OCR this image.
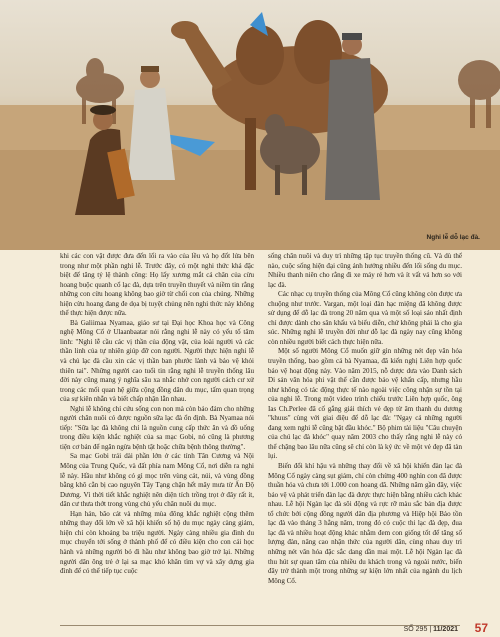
Nghi lễ dỗ lạc đà.

khi các con vật được đưa đến lối ra vào của lều và họ đốt lửa bên trong như một phần nghi lễ. Trước đây, có một nghi thức khá đặc biệt để tăng tỷ lệ thành công: Họ lấy xương mắt cá chân của cừu hoang buộc quanh cổ lạc đà, dựa trên truyền thuyết và niềm tin rằng những con cừu hoang không bao giờ từ chối con của chúng. Những hiện cừu hoang đang đe dọa bị tuyệt chủng nên nghi thức này không thể thực hiện được nữa.

Bà Galiimaa Nyamaa, giáo sư tại Đại học Khoa học và Công nghệ Mông Cổ ở Ulaanbaatar nói rằng nghi lễ này có yếu tố tâm linh: "Nghi lễ cầu các vị thần của động vật, của loài người và các thần linh của tự nhiên giúp đỡ con người. Người thực hiện nghi lễ và chủ lạc đà cầu xin các vị thần ban phước lành và bảo vệ khỏi thiên tai". Những người cao tuổi tin rằng nghi lễ truyền thống lâu đời này cũng mang ý nghĩa sâu xa nhắc nhở con người cách cư xử trong các mối quan hệ giữa cộng đồng dân du mục, tấm quan trọng của sự kiên nhẫn và biết chấp nhận lẫn nhau.

Nghi lễ không chỉ cứu sống con non mà còn bảo đảm cho những người chăn nuôi có được nguồn sữa lạc đà ổn định. Bà Nyamaa nói tiếp: "Sữa lạc đà không chỉ là nguồn cung cấp thức ăn và đồ uống trong điều kiện khắc nghiệt của sa mạc Gobi, nó cũng là phương tiện cơ bản để ngăn ngừa bệnh tật hoặc chữa bệnh thông thường".

Sa mạc Gobi trải dài phần lớn ở các tỉnh Tân Cương và Nội Mông của Trung Quốc, và đất phía nam Mông Cổ, nơi diễn ra nghi lễ này. Hầu như không có gì mọc trên vùng cát, núi, và vùng đồng bằng khô cằn bị cao nguyên Tây Tạng chặn hết mây mưa từ Ấn Độ Dương. Vì thời tiết khắc nghiệt nên diện tích trồng trọt ở đây rất ít, dân cư thưa thớt trong vùng chủ yếu chăn nuôi du mục.

Hạn hán, bão cát và những mùa đông khắc nghiệt cộng thêm những thay đổi lớn về xã hội khiến số hộ du mục ngày càng giảm, hiện chỉ còn khoảng ba triệu người. Ngày càng nhiều gia đình du mục chuyển tới sống ở thành phố để có điều kiện cho con cái học hành và những người bỏ đi hầu như không bao giờ trở lại. Những người dân ông trẻ ở lại sa mạc khó khăn tìm vợ và xây dựng gia đình để có thể tiếp tục cuộc

sống chăn nuôi và duy trì những tập tục truyền thống cũ. Và dù thế nào, cuộc sống hiện đại cũng ảnh hưởng nhiều đến lối sống du mục. Nhiều thanh niên cho rằng đi xe máy rẻ hơn và ít vất vả hơn so với lạc đà.

Các nhạc cụ truyền thống của Mông Cổ cũng không còn được ưa chuộng như trước. Vargan, một loại đàn hạc miệng đã không được sử dụng để dỗ lạc đà trong 20 năm qua và một số loại sáo nhất định chỉ được dành cho sân khấu và biểu diễn, chứ không phải là cho gia súc. Những nghi lễ truyền đời như dỗ lạc đà ngày nay cũng không còn nhiều người biết cách thực hiện nữa.

Một số người Mông Cổ muốn giữ gìn những nét đẹp văn hóa truyền thống, bao gồm cả bà Nyamaa, đã kiến nghị Liên hợp quốc bảo vệ hoạt động này. Vào năm 2015, nỗ dược dưa vào Danh sách Di sản văn hóa phi vật thể cần được bảo vệ khẩn cấp, nhưng hầu như không có tác động thực tế nào ngoài việc công nhận sự tồn tại của nghi lễ. Trong một video trình chiếu trước Liên hợp quốc, ông Ias Ch.Perlee đã cố gắng giải thích vẻ đẹp từ âm thanh du dương "khuus" cùng với giai điệu để dỗ lạc đà: "Ngay cả những người đang xem nghi lễ cũng bật đầu khóc." Bộ phim tài liệu "Câu chuyện của chú lạc đà khóc" quay năm 2003 cho thấy rằng nghi lễ này có thể chặng bao lâu nữa cũng sẽ chỉ còn là ký ức về một vẻ đẹp đã tàn lụi.

Biến đổi khí hậu và những thay đổi về xã hội khiến đàn lạc đà Mông Cổ ngày càng sụt giảm, chỉ còn chừng 400 nghìn con đã được thuần hóa và chưa tới 1.000 con hoang dã. Những năm gần đây, việc bảo vệ và phát triển đàn lạc đà được thực hiện bằng nhiều cách khác nhau. Lễ hội Ngàn lạc đà sôi động và rực rỡ màu sắc bản địa được tổ chức bởi cộng đồng người dân địa phương và Hiệp hội Bảo tồn lạc đà vào tháng 3 hằng năm, trong đó có cuộc thi lạc đà đẹp, đua lạc đà và nhiều hoạt động khác nhằm đem con giống tốt để tăng số lượng đàn, nâng cao nhận thức của người dân, cùng nhau duy trì những nét văn hóa đặc sắc dang dần mai một. Lễ hội Ngàn lạc đà thu hút sự quan tâm của nhiều du khách trong và ngoài nước, biến đây trở thành một trong những sự kiện lớn nhất của ngành du lịch Mông Cổ.

SỐ 295 | 11/2021 57
